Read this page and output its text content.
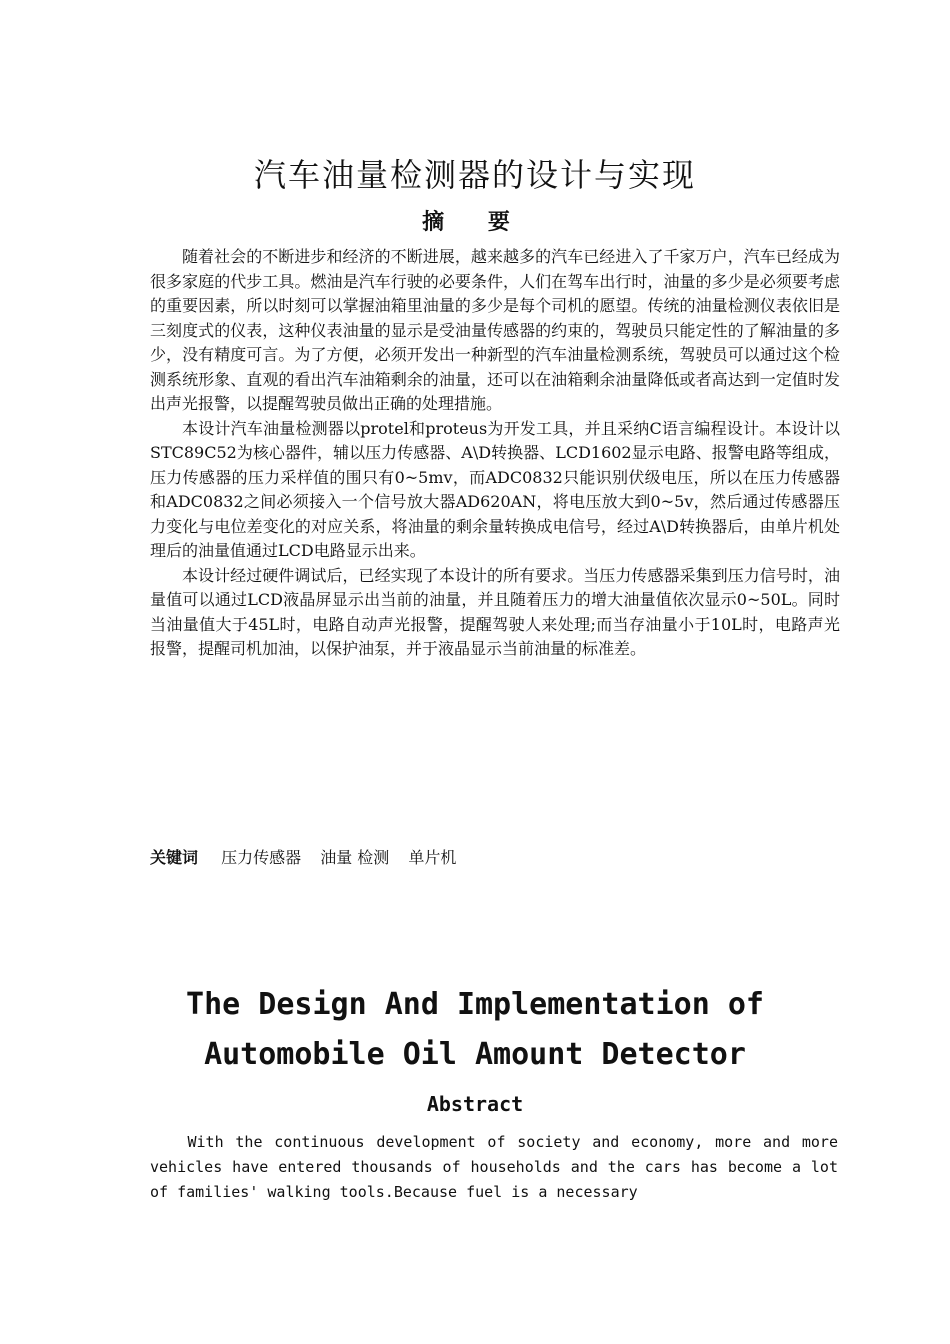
汽车油量检测器的设计与实现
摘 要

随着社会的不断进步和经济的不断进展，越来越多的汽车已经进入了千家万户，汽车已经成为很多家庭的代步工具。燃油是汽车行驶的必要条件，人们在驾车出行时，油量的多少是必须要考虑的重要因素，所以时刻可以掌握油箱里油量的多少是每个司机的愿望。传统的油量检测仪表依旧是三刻度式的仪表，这种仪表油量的显示是受油量传感器的约束的，驾驶员只能定性的了解油量的多少，没有精度可言。为了方便，必须开发出一种新型的汽车油量检测系统，驾驶员可以通过这个检测系统形象、直观的看出汽车油箱剩余的油量，还可以在油箱剩余油量降低或者高达到一定值时发出声光报警，以提醒驾驶员做出正确的处理措施。

本设计汽车油量检测器以protel和proteus为开发工具，并且采纳C语言编程设计。本设计以STC89C52为核心器件，辅以压力传感器、A\D转换器、LCD1602显示电路、报警电路等组成，压力传感器的压力采样值的围只有0~5mv，而ADC0832只能识别伏级电压，所以在压力传感器和ADC0832之间必须接入一个信号放大器AD620AN，将电压放大到0~5v，然后通过传感器压力变化与电位差变化的对应关系，将油量的剩余量转换成电信号，经过A\D转换器后，由单片机处理后的油量值通过LCD电路显示出来。

本设计经过硬件调试后，已经实现了本设计的所有要求。当压力传感器采集到压力信号时，油量值可以通过LCD液晶屏显示出当前的油量，并且随着压力的增大油量值依次显示0~50L。同时当油量值大于45L时，电路自动声光报警，提醒驾驶人来处理;而当存油量小于10L时，电路声光报警，提醒司机加油，以保护油泵，并于液晶显示当前油量的标准差。

关键词 压力传感器 油量 检测 单片机
The Design And Implementation of
Automobile Oil Amount Detector
Abstract

With the continuous development of society and economy, more and more vehicles have entered thousands of households and the cars has become a lot of families' walking tools.Because fuel is a necessary
